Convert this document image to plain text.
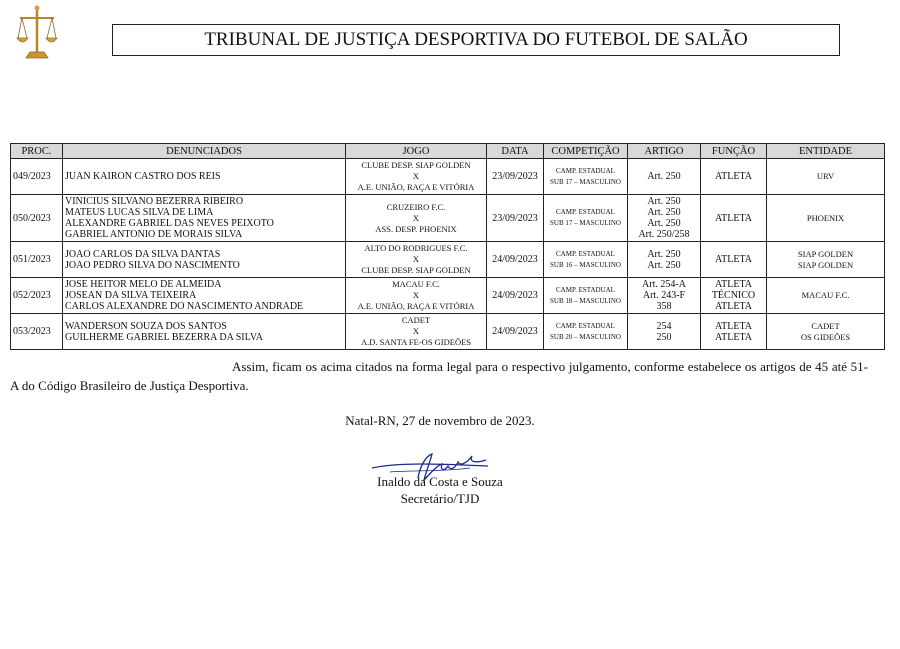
TRIBUNAL DE JUSTIÇA DESPORTIVA DO FUTEBOL DE SALÃO
PROC.	DENUNCIADOS	JOGO	DATA	COMPETIÇÃO	ARTIGO	FUNÇÃO	ENTIDADE
049/2023	JUAN KAIRON CASTRO DOS REIS	CLUBE DESP. SIAP GOLDEN
X
A.E. UNIÃO, RAÇA E VITÓRIA	23/09/2023	CAMP. ESTADUAL
SUB 17 – MASCULINO	Art. 250	ATLETA	URV

050/2023	VINICIUS SILVANO BEZERRA RIBEIRO
MATEUS LUCAS SILVA DE LIMA
ALEXANDRE GABRIEL DAS NEVES PEIXOTO
GABRIEL ANTONIO DE MORAIS SILVA	CRUZEIRO F.C.
X
ASS. DESP. PHOENIX	23/09/2023	CAMP. ESTADUAL
SUB 17 – MASCULINO	Art. 250
Art. 250
Art. 250
Art. 250/258	ATLETA	PHOENIX

051/2023	JOAO CARLOS DA SILVA DANTAS
JOAO PEDRO SILVA DO NASCIMENTO	ALTO DO RODRIGUES F.C.
X
CLUBE DESP. SIAP GOLDEN	24/09/2023	CAMP. ESTADUAL
SUB 16 – MASCULINO	Art. 250
Art. 250	ATLETA	SIAP GOLDEN
SIAP GOLDEN

052/2023	JOSE HEITOR MELO DE ALMEIDA
JOSEAN DA SILVA TEIXEIRA
CARLOS ALEXANDRE DO NASCIMENTO ANDRADE	MACAU F.C.
X
A.E. UNIÃO, RAÇA E VITÓRIA	24/09/2023	CAMP. ESTADUAL
SUB 18 – MASCULINO	Art. 254-A
Art. 243-F
358	ATLETA
TÉCNICO
ATLETA	MACAU F.C.

053/2023	WANDERSON SOUZA DOS SANTOS
GUILHERME GABRIEL BEZERRA DA SILVA	CADET
X
A.D. SANTA FE-OS GIDEÕES	24/09/2023	CAMP. ESTADUAL
SUB 20 – MASCULINO	254
250	ATLETA
ATLETA	CADET
OS GIDEÕES
Assim, ficam os acima citados na forma legal para o respectivo julgamento, conforme estabelece os artigos de 45 até 51-A do Código Brasileiro de Justiça Desportiva.
Natal-RN, 27 de novembro de 2023.
Inaldo da Costa e Souza
Secretário/TJD
